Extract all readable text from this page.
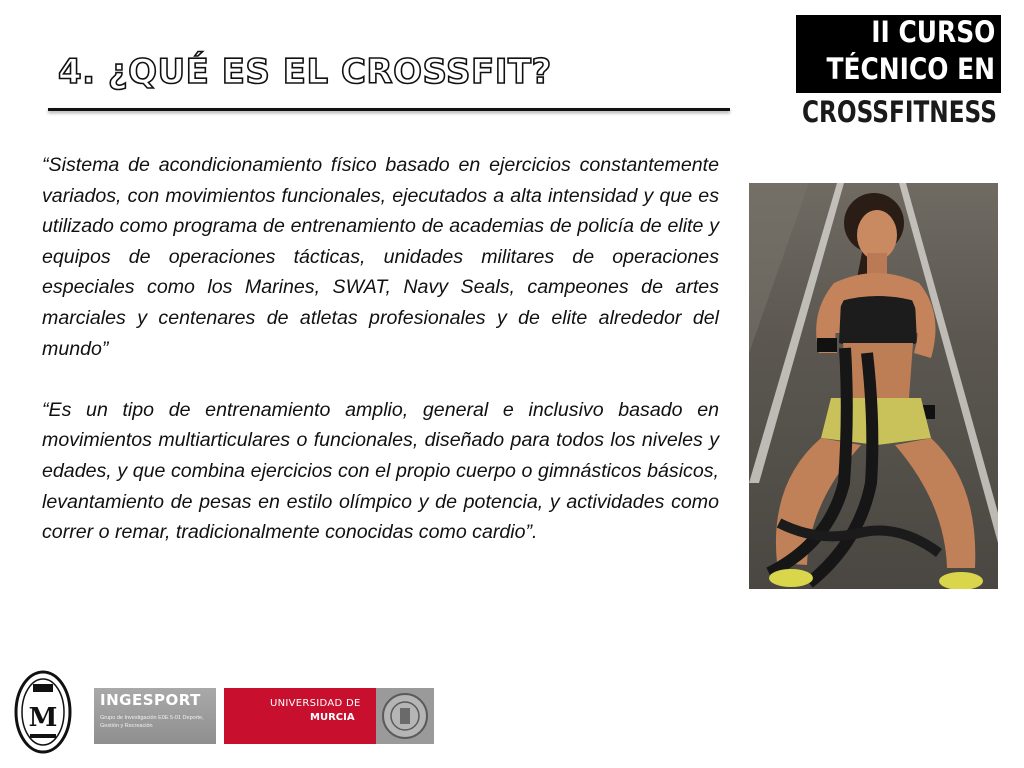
4. ¿QUÉ ES EL CROSSFIT?
II CURSO
TÉCNICO EN
CROSSFITNESS

“Sistema de acondicionamiento físico basado en ejercicios constantemente variados, con movimientos funcionales, ejecutados a alta intensidad y que es utilizado como programa de entrenamiento de academias de policía de elite y equipos de operaciones tácticas, unidades militares de operaciones especiales como los Marines, SWAT, Navy Seals, campeones de artes marciales y centenares de atletas profesionales y de elite alrededor del mundo”

“Es un tipo de entrenamiento amplio, general e inclusivo basado en movimientos multiarticulares o funcionales, diseñado para todos los niveles y edades, y que combina ejercicios con el propio cuerpo o gimnásticos básicos, levantamiento de pesas en estilo olímpico y de potencia, y actividades como correr o remar, tradicionalmente conocidas como cardio”.

M
INGESPORT
Grupo de Investigación E0E 5-01 Deporte, Gestión y Recreación
UNIVERSIDAD DE
MURCIA
